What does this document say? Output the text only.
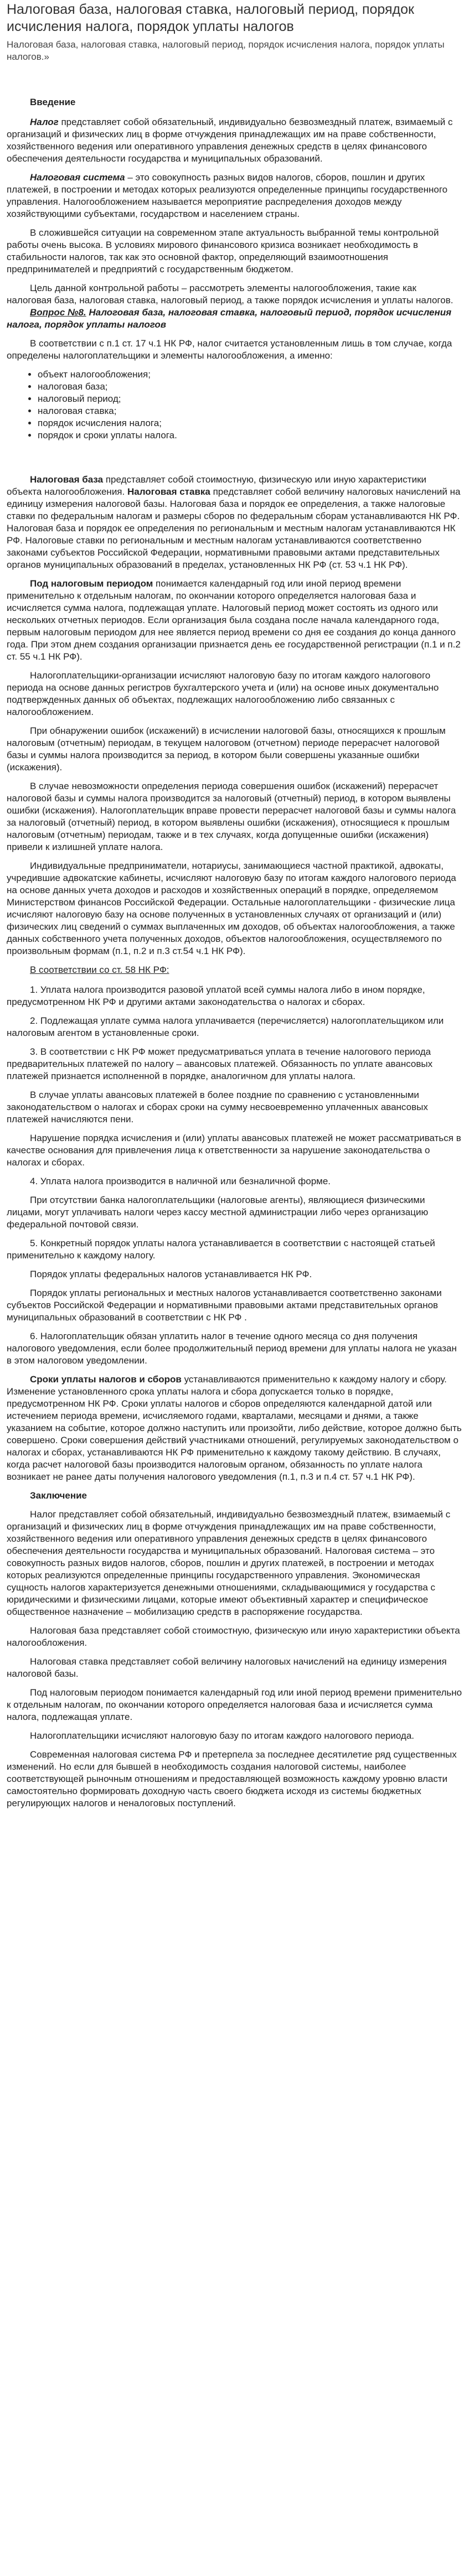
Налоговая база, налоговая ставка, налоговый период, порядок исчисления налога, порядок уплаты налогов

Налоговая база, налоговая ставка, налоговый период, порядок исчисления налога, порядок уплаты налогов.»

Введение

Налог представляет собой обязательный, индивидуально безвозмездный платеж, взимаемый с организаций и физических лиц в форме отчуждения принадлежащих им на праве собственности, хозяйственного ведения или оперативного управления денежных средств в целях финансового обеспечения деятельности государства и муниципальных образований.

Налоговая система – это совокупность разных видов налогов, сборов, пошлин и других платежей, в построении и методах которых реализуются определенные принципы государственного управления. Налогообложением называется мероприятие распределения доходов между хозяйствующими субъектами, государством и населением страны.

В сложившейся ситуации на современном этапе актуальность выбранной темы контрольной работы очень высока. В условиях мирового финансового кризиса возникает необходимость в стабильности налогов, так как это основной фактор, определяющий взаимоотношения предпринимателей и предприятий с государственным бюджетом.

Цель данной контрольной работы – рассмотреть элементы налогообложения, такие как налоговая база, налоговая ставка, налоговый период, а также порядок исчисления и уплаты налогов.

Вопрос №8. Налоговая база, налоговая ставка, налоговый период, порядок исчисления налога, порядок уплаты налогов

В соответствии с п.1 ст. 17 ч.1 НК РФ, налог считается установленным лишь в том случае, когда определены налогоплательщики и элементы налогообложения, а именно:

• объект налогообложения;
• налоговая база;
• налоговый период;
• налоговая ставка;
• порядок исчисления налога;
• порядок и сроки уплаты налога.

Налоговая база представляет собой стоимостную, физическую или иную характеристики объекта налогообложения. Налоговая ставка представляет собой величину налоговых начислений на единицу измерения налоговой базы. Налоговая база и порядок ее определения, а также налоговые ставки по федеральным налогам и размеры сборов по федеральным сборам устанавливаются НК РФ. Налоговая база и порядок ее определения по региональным и местным налогам устанавливаются НК РФ. Налоговые ставки по региональным и местным налогам устанавливаются соответственно законами субъектов Российской Федерации, нормативными правовыми актами представительных органов муниципальных образований в пределах, установленных НК РФ (ст. 53 ч.1 НК РФ).

Под налоговым периодом понимается календарный год или иной период времени применительно к отдельным налогам, по окончании которого определяется налоговая база и исчисляется сумма налога, подлежащая уплате. Налоговый период может состоять из одного или нескольких отчетных периодов. Если организация была создана после начала календарного года, первым налоговым периодом для нее является период времени со дня ее создания до конца данного года. При этом днем создания организации признается день ее государственной регистрации (п.1 и п.2 ст. 55 ч.1 НК РФ).

Налогоплательщики-организации исчисляют налоговую базу по итогам каждого налогового периода на основе данных регистров бухгалтерского учета и (или) на основе иных документально подтвержденных данных об объектах, подлежащих налогообложению либо связанных с налогообложением.

При обнаружении ошибок (искажений) в исчислении налоговой базы, относящихся к прошлым налоговым (отчетным) периодам, в текущем налоговом (отчетном) периоде перерасчет налоговой базы и суммы налога производится за период, в котором были совершены указанные ошибки (искажения).

В случае невозможности определения периода совершения ошибок (искажений) перерасчет налоговой базы и суммы налога производится за налоговый (отчетный) период, в котором выявлены ошибки (искажения). Налогоплательщик вправе провести перерасчет налоговой базы и суммы налога за налоговый (отчетный) период, в котором выявлены ошибки (искажения), относящиеся к прошлым налоговым (отчетным) периодам, также и в тех случаях, когда допущенные ошибки (искажения) привели к излишней уплате налога.

Индивидуальные предприниматели, нотариусы, занимающиеся частной практикой, адвокаты, учредившие адвокатские кабинеты, исчисляют налоговую базу по итогам каждого налогового периода на основе данных учета доходов и расходов и хозяйственных операций в порядке, определяемом Министерством финансов Российской Федерации. Остальные налогоплательщики - физические лица исчисляют налоговую базу на основе полученных в установленных случаях от организаций и (или) физических лиц сведений о суммах выплаченных им доходов, об объектах налогообложения, а также данных собственного учета полученных доходов, объектов налогообложения, осуществляемого по произвольным формам (п.1, п.2 и п.3 ст.54 ч.1 НК РФ).

В соответствии со ст. 58 НК РФ:

1. Уплата налога производится разовой уплатой всей суммы налога либо в ином порядке, предусмотренном НК РФ и другими актами законодательства о налогах и сборах.

2. Подлежащая уплате сумма налога уплачивается (перечисляется) налогоплательщиком или налоговым агентом в установленные сроки.

3. В соответствии с НК РФ может предусматриваться уплата в течение налогового периода предварительных платежей по налогу – авансовых платежей. Обязанность по уплате авансовых платежей признается исполненной в порядке, аналогичном для уплаты налога.

В случае уплаты авансовых платежей в более поздние по сравнению с установленными законодательством о налогах и сборах сроки на сумму несвоевременно уплаченных авансовых платежей начисляются пени.

Нарушение порядка исчисления и (или) уплаты авансовых платежей не может рассматриваться в качестве основания для привлечения лица к ответственности за нарушение законодательства о налогах и сборах.

4. Уплата налога производится в наличной или безналичной форме.

При отсутствии банка налогоплательщики (налоговые агенты), являющиеся физическими лицами, могут уплачивать налоги через кассу местной администрации либо через организацию федеральной почтовой связи.

5. Конкретный порядок уплаты налога устанавливается в соответствии с настоящей статьей применительно к каждому налогу.

Порядок уплаты федеральных налогов устанавливается НК РФ.

Порядок уплаты региональных и местных налогов устанавливается соответственно законами субъектов Российской Федерации и нормативными правовыми актами представительных органов муниципальных образований в соответствии с НК РФ .

6. Налогоплательщик обязан уплатить налог в течение одного месяца со дня получения налогового уведомления, если более продолжительный период времени для уплаты налога не указан в этом налоговом уведомлении.

Сроки уплаты налогов и сборов устанавливаются применительно к каждому налогу и сбору. Изменение установленного срока уплаты налога и сбора допускается только в порядке, предусмотренном НК РФ. Сроки уплаты налогов и сборов определяются календарной датой или истечением периода времени, исчисляемого годами, кварталами, месяцами и днями, а также указанием на событие, которое должно наступить или произойти, либо действие, которое должно быть совершено. Сроки совершения действий участниками отношений, регулируемых законодательством о налогах и сборах, устанавливаются НК РФ применительно к каждому такому действию. В случаях, когда расчет налоговой базы производится налоговым органом, обязанность по уплате налога возникает не ранее даты получения налогового уведомления (п.1, п.3 и п.4 ст. 57 ч.1 НК РФ).

Заключение

Налог представляет собой обязательный, индивидуально безвозмездный платеж, взимаемый с организаций и физических лиц в форме отчуждения принадлежащих им на праве собственности, хозяйственного ведения или оперативного управления денежных средств в целях финансового обеспечения деятельности государства и муниципальных образований. Налоговая система – это совокупность разных видов налогов, сборов, пошлин и других платежей, в построении и методах которых реализуются определенные принципы государственного управления. Экономическая сущность налогов характеризуется денежными отношениями, складывающимися у государства с юридическими и физическими лицами, которые имеют объективный характер и специфическое общественное назначение – мобилизацию средств в распоряжение государства.

Налоговая база представляет собой стоимостную, физическую или иную характеристики объекта налогообложения.

Налоговая ставка представляет собой величину налоговых начислений на единицу измерения налоговой базы.

Под налоговым периодом понимается календарный год или иной период времени применительно к отдельным налогам, по окончании которого определяется налоговая база и исчисляется сумма налога, подлежащая уплате.

Налогоплательщики исчисляют налоговую базу по итогам каждого налогового периода.

Современная налоговая система РФ и претерпела за последнее десятилетие ряд существенных изменений. Но если для бывшей в необходимость создания налоговой системы, наиболее соответствующей рыночным отношениям и предоставляющей возможность каждому уровню власти самостоятельно формировать доходную часть своего бюджета исходя из системы бюджетных регулирующих налогов и неналоговых поступлений.
